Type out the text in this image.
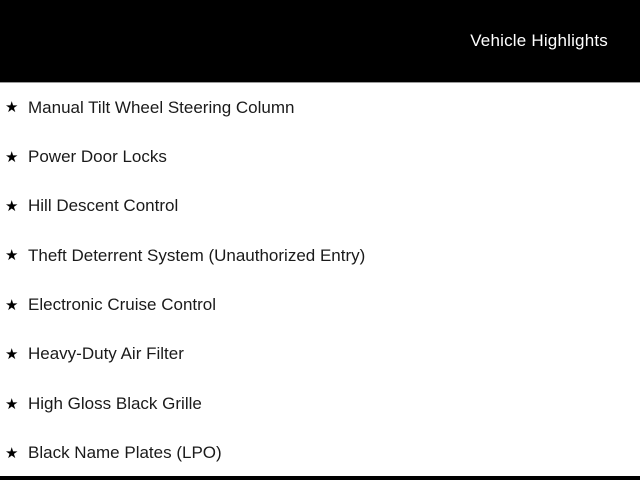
Vehicle Highlights
★ Manual Tilt Wheel Steering Column
★ Power Door Locks
★ Hill Descent Control
★ Theft Deterrent System (Unauthorized Entry)
★ Electronic Cruise Control
★ Heavy-Duty Air Filter
★ High Gloss Black Grille
★ Black Name Plates (LPO)
